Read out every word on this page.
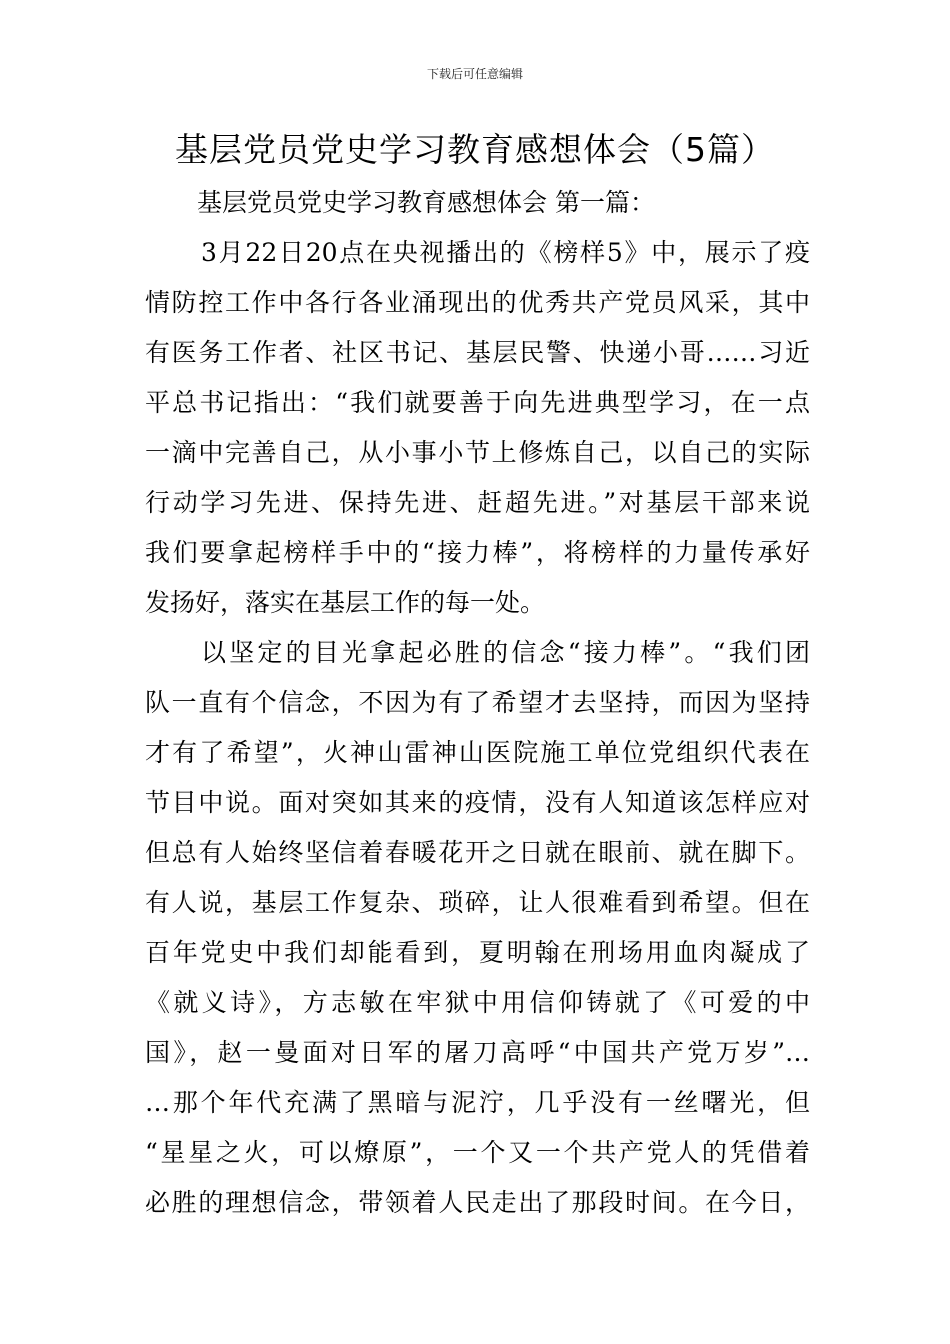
下载后可任意编辑
基层党员党史学习教育感想体会（5篇）
基层党员党史学习教育感想体会 第一篇：
3月22日20点在央视播出的《榜样5》中，展示了疫
情防控工作中各行各业涌现出的优秀共产党员风采，其中
有医务工作者、社区书记、基层民警、快递小哥……习近
平总书记指出：“我们就要善于向先进典型学习，在一点
一滴中完善自己，从小事小节上修炼自己，以自己的实际
行动学习先进、保持先进、赶超先进。”对基层干部来说
我们要拿起榜样手中的“接力棒”，将榜样的力量传承好
发扬好，落实在基层工作的每一处。
以坚定的目光拿起必胜的信念“接力棒”。“我们团
队一直有个信念，不因为有了希望才去坚持，而因为坚持
才有了希望”，火神山雷神山医院施工单位党组织代表在
节目中说。面对突如其来的疫情，没有人知道该怎样应对
但总有人始终坚信着春暖花开之日就在眼前、就在脚下。
有人说，基层工作复杂、琐碎，让人很难看到希望。但在
百年党史中我们却能看到，夏明翰在刑场用血肉凝成了
《就义诗》，方志敏在牢狱中用信仰铸就了《可爱的中
国》，赵一曼面对日军的屠刀高呼“中国共产党万岁”…
…那个年代充满了黑暗与泥泞，几乎没有一丝曙光，但
“星星之火，可以燎原”，一个又一个共产党人的凭借着
必胜的理想信念，带领着人民走出了那段时间。在今日，
